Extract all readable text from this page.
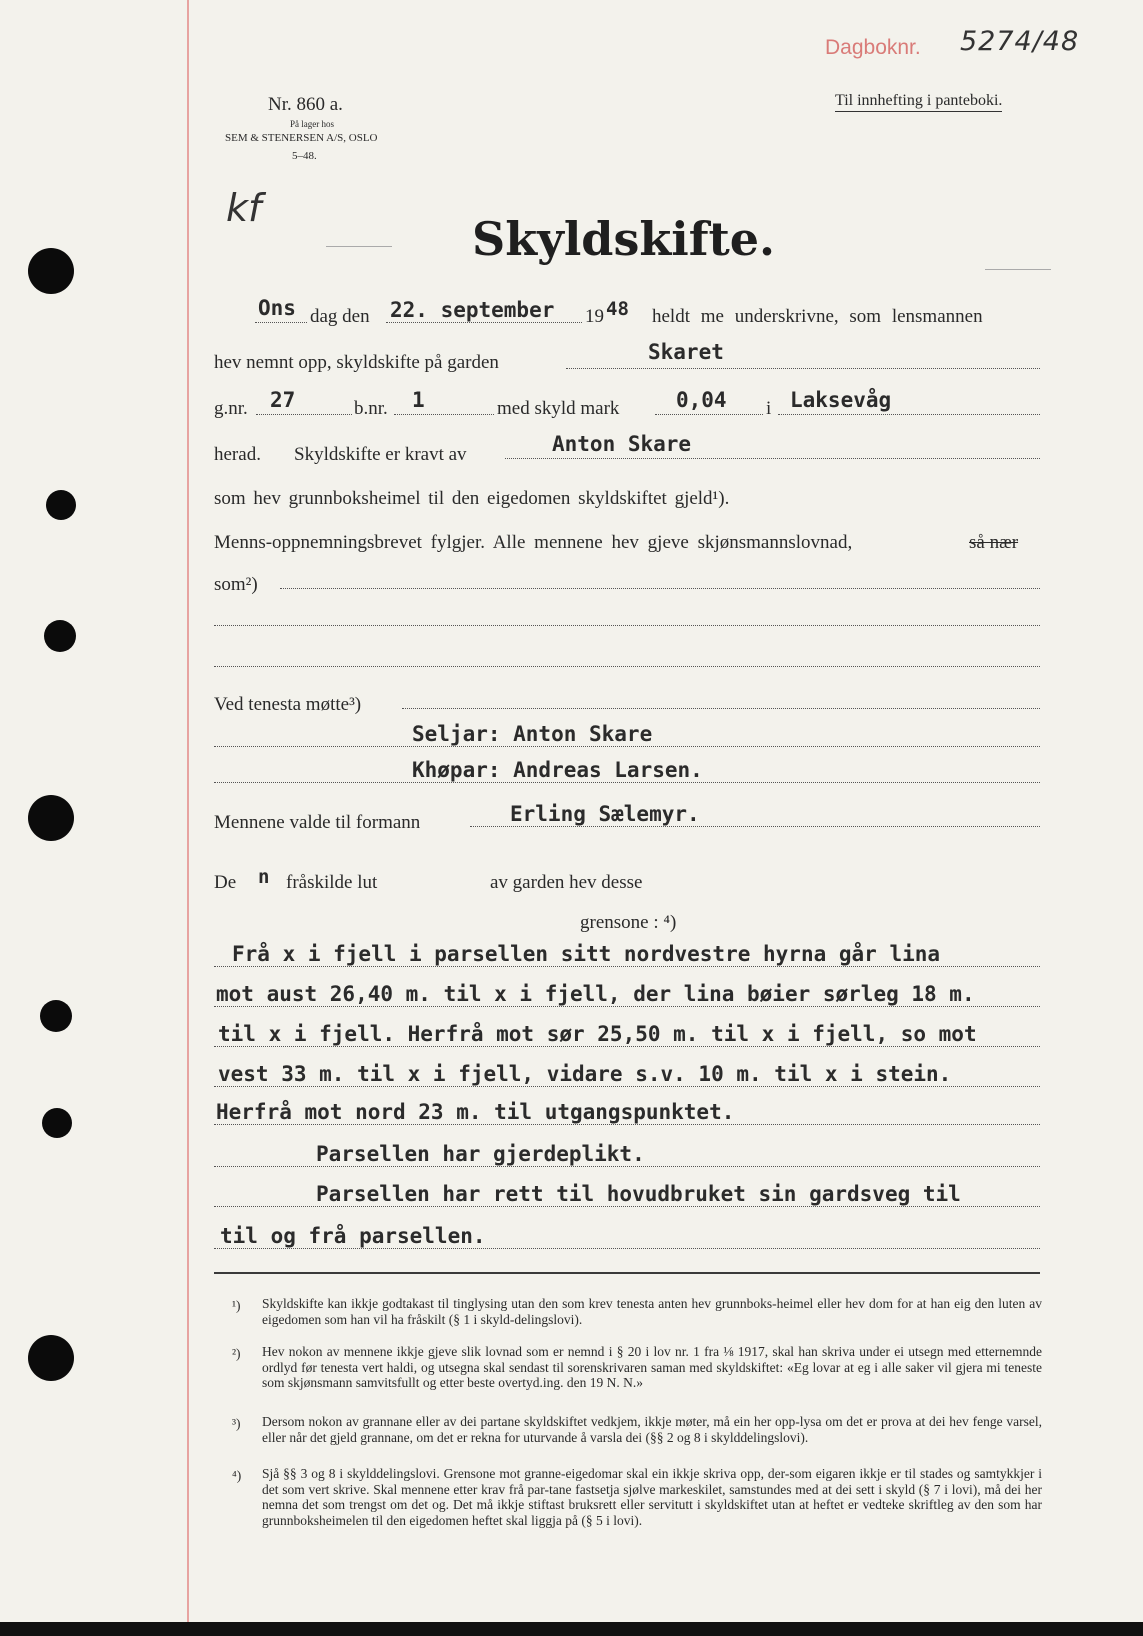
Dagboknr. 5274/48
Nr. 860 a.
På lager hos
SEM & STENERSEN A/S, OSLO
5–48.
Til innhefting i panteboki.
kf
Skyldskifte.
Ons dag den 22. september 19 48 heldt me underskrivne, som lensmannen
hev nemnt opp, skyldskifte på garden	Skaret
g.nr. 27	b.nr. 1	med skyld mark	0,04 i Laksevåg
herad. Skyldskifte er kravt av	Anton Skare
som hev grunnboksheimel til den eigedomen skyldskiftet gjeld¹).
Menns-oppnemningsbrevet fylgjer. Alle mennene hev gjeve skjønsmannslovnad,	så nær
som²)
Ved tenesta møtte³)
Seljar: Anton Skare
Khøpar: Andreas Larsen.
Mennene valde til formann	Erling Sælemyr.
De n fråskilde lut	av garden hev desse
grensone : ⁴)
Frå x i fjell i parsellen sitt nordvestre hyrna går lina
mot aust 26,40 m. til x i fjell, der lina bøier sørleg 18 m.
til x i fjell. Herfrå mot sør 25,50 m. til x i fjell, so mot
vest 33 m. til x i fjell, vidare s.v. 10 m. til x i stein.
Herfrå mot nord 23 m. til utgangspunktet.
Parsellen har gjerdeplikt.
Parsellen har rett til hovudbruket sin gardsveg til
til og frå parsellen.
¹) Skyldskifte kan ikkje godtakast til tinglysing utan den som krev tenesta anten hev grunnboks-heimel eller hev dom for at han eig den luten av eigedomen som han vil ha fråskilt (§ 1 i skyld-delingslovi).
²) Hev nokon av mennene ikkje gjeve slik lovnad som er nemnd i § 20 i lov nr. 1 fra ⅛ 1917, skal han skriva under ei utsegn med etternemnde ordlyd før tenesta vert haldi, og utsegna skal sendast til sorenskrivaren saman med skyldskiftet: «Eg lovar at eg i alle saker vil gjera mi teneste som skjønsmann samvitsfullt og etter beste overtyd.ing. den 19 N. N.»
³) Dersom nokon av grannane eller av dei partane skyldskiftet vedkjem, ikkje møter, må ein her opp-lysa om det er prova at dei hev fenge varsel, eller når det gjeld grannane, om det er rekna for uturvande å varsla dei (§§ 2 og 8 i skylddelingslovi).
⁴) Sjå §§ 3 og 8 i skylddelingslovi. Grensone mot granne-eigedomar skal ein ikkje skriva opp, der-som eigaren ikkje er til stades og samtykkjer i det som vert skrive. Skal mennene etter krav frå par-tane fastsetja sjølve markeskilet, samstundes med at dei sett i skyld (§ 7 i lovi), må dei her nemna det som trengst om det og. Det må ikkje stiftast bruksrett eller servitutt i skyldskiftet utan at heftet er vedteke skriftleg av den som har grunnboksheimelen til den eigedomen heftet skal liggja på (§ 5 i lovi).
